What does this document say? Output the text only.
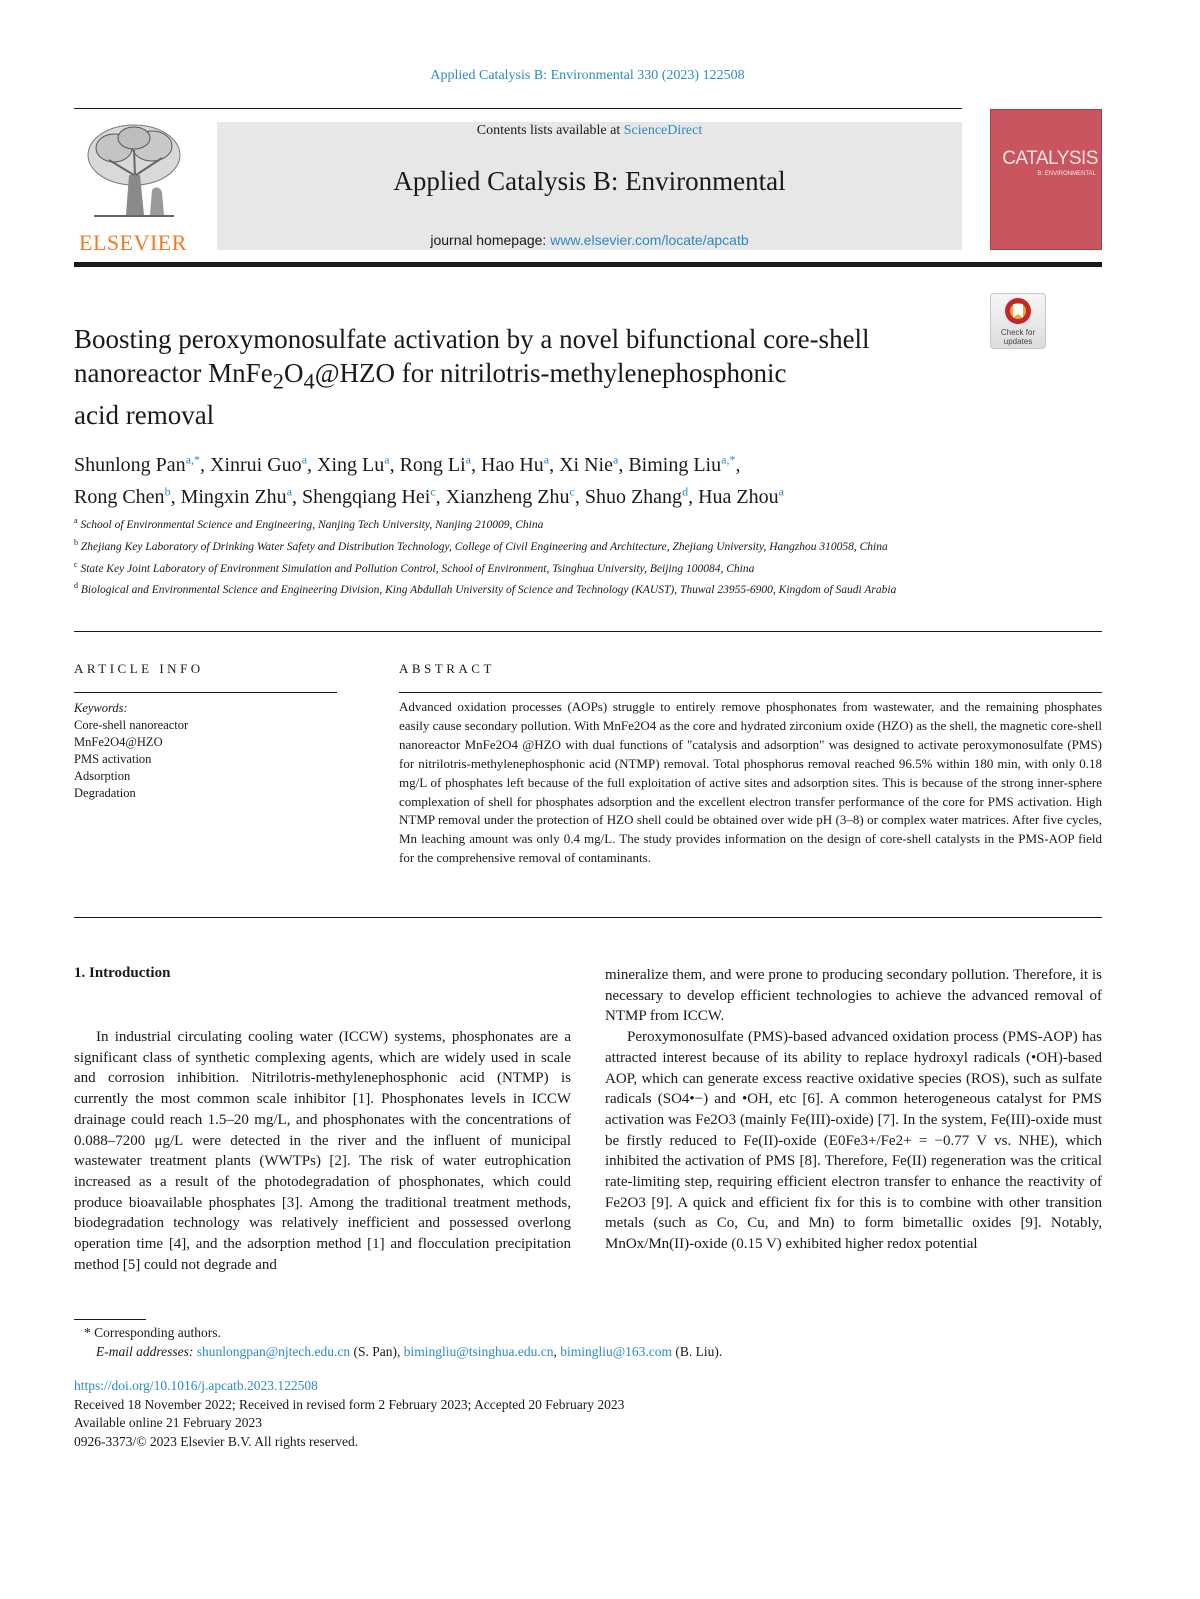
Applied Catalysis B: Environmental 330 (2023) 122508
ELSEVIER
Contents lists available at ScienceDirect
Applied Catalysis B: Environmental
journal homepage: www.elsevier.com/locate/apcatb
CATALYSIS
B: ENVIRONMENTAL
Check for updates
Boosting peroxymonosulfate activation by a novel bifunctional core-shell
nanoreactor $MnFe_2O_4@HZO$ for nitrilotris-methylenephosphonic
acid removal
Shunlong Pan$^{a,*}$, Xinrui Guo$^a$, Xing Lu$^a$, Rong Li$^a$, Hao Hu$^a$, Xi Nie$^a$, Biming Liu$^{a,*}$,
Rong Chen$^b$, Mingxin Zhu$^a$, Shengqiang Hei$^c$, Xianzheng Zhu$^c$, Shuo Zhang$^d$, Hua Zhou$^a$
$^a$ School of Environmental Science and Engineering, Nanjing Tech University, Nanjing 210009, China
$^b$ Zhejiang Key Laboratory of Drinking Water Safety and Distribution Technology, College of Civil Engineering and Architecture, Zhejiang University, Hangzhou 310058, China
$^c$ State Key Joint Laboratory of Environment Simulation and Pollution Control, School of Environment, Tsinghua University, Beijing 100084, China
$^d$ Biological and Environmental Science and Engineering Division, King Abdullah University of Science and Technology (KAUST), Thuwal 23955-6900, Kingdom of Saudi Arabia
ARTICLE INFO	ABSTRACT
Keywords:
Core-shell nanoreactor
MnFe2O4@HZO
PMS activation
Adsorption
Degradation
Advanced oxidation processes (AOPs) struggle to entirely remove phosphonates from wastewater, and the remaining phosphates easily cause secondary pollution. With MnFe2O4 as the core and hydrated zirconium oxide (HZO) as the shell, the magnetic core-shell nanoreactor MnFe2O4 @HZO with dual functions of "catalysis and adsorption" was designed to activate peroxymonosulfate (PMS) for nitrilotris-methylenephosphonic acid (NTMP) removal. Total phosphorus removal reached 96.5% within 180 min, with only 0.18 mg/L of phosphates left because of the full exploitation of active sites and adsorption sites. This is because of the strong inner-sphere complexation of shell for phosphates adsorption and the excellent electron transfer performance of the core for PMS activation. High NTMP removal under the protection of HZO shell could be obtained over wide pH (3–8) or complex water matrices. After five cycles, Mn leaching amount was only 0.4 mg/L. The study provides information on the design of core-shell catalysts in the PMS-AOP field for the comprehensive removal of contaminants.
1. Introduction

In industrial circulating cooling water (ICCW) systems, phosphonates are a significant class of synthetic complexing agents, which are widely used in scale and corrosion inhibition. Nitrilotris-methylenephosphonic acid (NTMP) is currently the most common scale inhibitor [1]. Phosphonates levels in ICCW drainage could reach 1.5–20 mg/L, and phosphonates with the concentrations of 0.088–7200 μg/L were detected in the river and the influent of municipal wastewater treatment plants (WWTPs) [2]. The risk of water eutrophication increased as a result of the photodegradation of phosphonates, which could produce bioavailable phosphates [3]. Among the traditional treatment methods, biodegradation technology was relatively inefficient and possessed overlong operation time [4], and the adsorption method [1] and flocculation precipitation method [5] could not degrade and

mineralize them, and were prone to producing secondary pollution. Therefore, it is necessary to develop efficient technologies to achieve the advanced removal of NTMP from ICCW.

Peroxymonosulfate (PMS)-based advanced oxidation process (PMS-AOP) has attracted interest because of its ability to replace hydroxyl radicals (•OH)-based AOP, which can generate excess reactive oxidative species (ROS), such as sulfate radicals (SO4•−) and •OH, etc [6]. A common heterogeneous catalyst for PMS activation was Fe2O3 (mainly Fe(III)-oxide) [7]. In the system, Fe(III)-oxide must be firstly reduced to Fe(II)-oxide (E0Fe3+/Fe2+ = −0.77 V vs. NHE), which inhibited the activation of PMS [8]. Therefore, Fe(II) regeneration was the critical rate-limiting step, requiring efficient electron transfer to enhance the reactivity of Fe2O3 [9]. A quick and efficient fix for this is to combine with other transition metals (such as Co, Cu, and Mn) to form bimetallic oxides [9]. Notably, MnOx/Mn(II)-oxide (0.15 V) exhibited higher redox potential

* Corresponding authors.
E-mail addresses: shunlongpan@njtech.edu.cn (S. Pan), bimingliu@tsinghua.edu.cn, bimingliu@163.com (B. Liu).
https://doi.org/10.1016/j.apcatb.2023.122508
Received 18 November 2022; Received in revised form 2 February 2023; Accepted 20 February 2023
Available online 21 February 2023
0926-3373/© 2023 Elsevier B.V. All rights reserved.
